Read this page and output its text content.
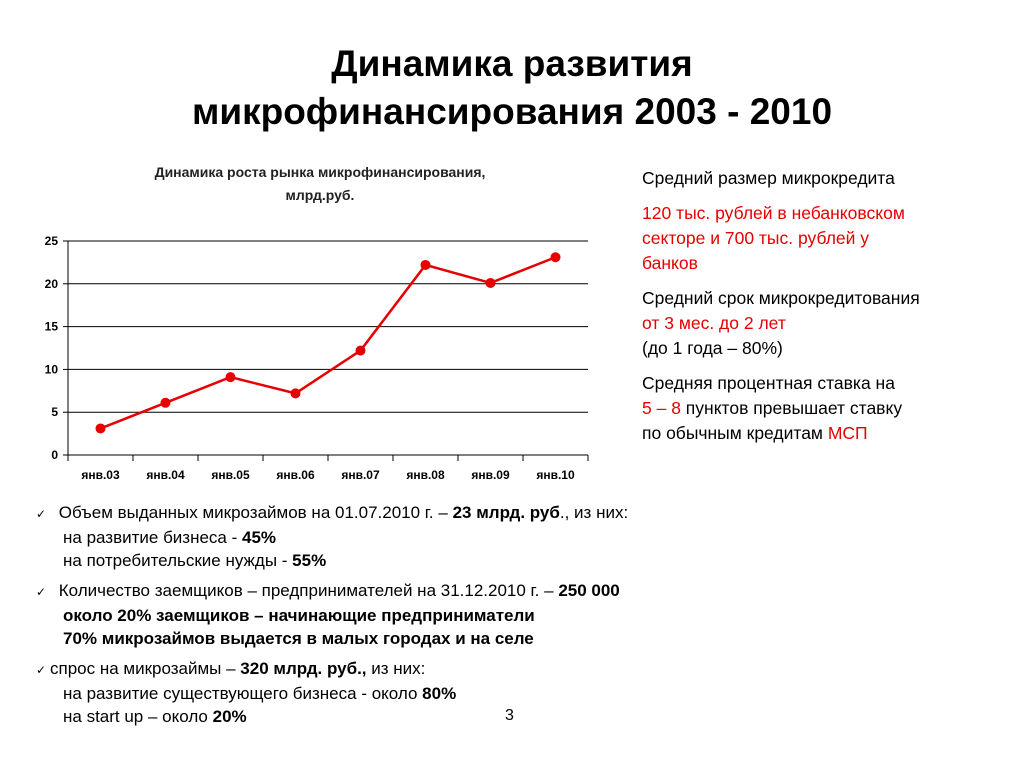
Динамика развития
микрофинансирования 2003 - 2010
Динамика роста рынка микрофинансирования,
млрд.руб.
0
5
10
15
20
25
янв.03 янв.04 янв.05 янв.06 янв.07 янв.08 янв.09 янв.10

Средний размер микрокредита

120 тыс. рублей в небанковском
секторе и 700 тыс. рублей у
банков

Средний срок микрокредитования
от 3 мес. до 2 лет
(до 1 года – 80%)

Средняя процентная ставка на
5 – 8 пунктов превышает ставку
по обычным кредитам МСП

✓ Объем выданных микрозаймов на 01.07.2010 г. – 23 млрд. руб., из них:
на развитие бизнеса - 45%
на потребительские нужды - 55%
✓ Количество заемщиков – предпринимателей на 31.12.2010 г. – 250 000
около 20% заемщиков – начинающие предприниматели
70% микрозаймов выдается в малых городах и на селе
✓ спрос на микрозаймы – 320 млрд. руб., из них:
на развитие существующего бизнеса - около 80%
на start up – около 20%	3
